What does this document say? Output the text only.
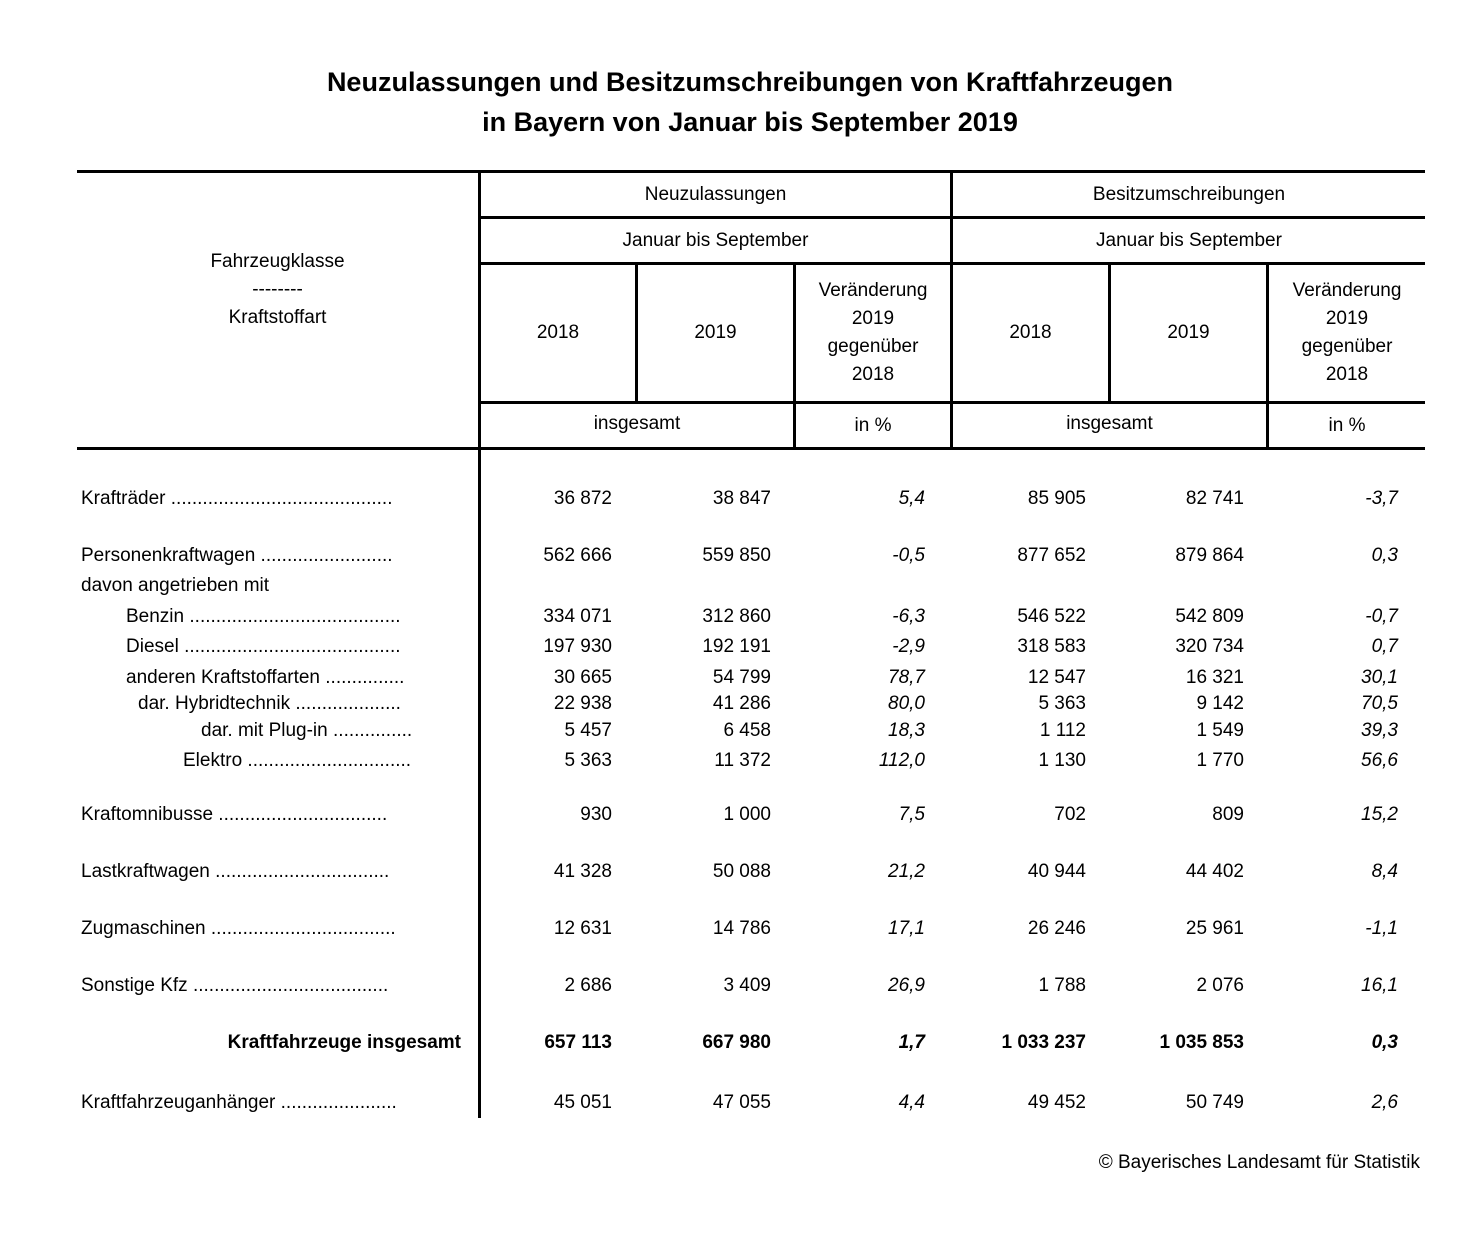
Neuzulassungen und Besitzumschreibungen von Kraftfahrzeugen
in Bayern von Januar bis September 2019
Fahrzeugklasse
--------
Kraftstoffart
Neuzulassungen
Januar bis September
2018	2019
Veränderung
2019
gegenüber
2018
insgesamt	in %
Besitzumschreibungen
Januar bis September
2018	2019
Veränderung
2019
gegenüber
2018
insgesamt	in %
Krafträder ..........................................	36 872	38 847	5,4	85 905	82 741	-3,7
Personenkraftwagen .........................	562 666	559 850	-0,5	877 652	879 864	0,3
davon angetrieben mit
Benzin ........................................	334 071	312 860	-6,3	546 522	542 809	-0,7
Diesel .........................................	197 930	192 191	-2,9	318 583	320 734	0,7
anderen Kraftstoffarten ...............	30 665	54 799	78,7	12 547	16 321	30,1
dar. Hybridtechnik ....................	22 938	41 286	80,0	5 363	9 142	70,5
dar. mit Plug-in ...............	5 457	6 458	18,3	1 112	1 549	39,3
Elektro ...............................	5 363	11 372	112,0	1 130	1 770	56,6
Kraftomnibusse ................................	930	1 000	7,5	702	809	15,2
Lastkraftwagen .................................	41 328	50 088	21,2	40 944	44 402	8,4
Zugmaschinen ...................................	12 631	14 786	17,1	26 246	25 961	-1,1
Sonstige Kfz .....................................	2 686	3 409	26,9	1 788	2 076	16,1
Kraftfahrzeuge insgesamt	657 113	667 980	1,7	1 033 237	1 035 853	0,3
Kraftfahrzeuganhänger ......................	45 051	47 055	4,4	49 452	50 749	2,6
© Bayerisches Landesamt für Statistik
